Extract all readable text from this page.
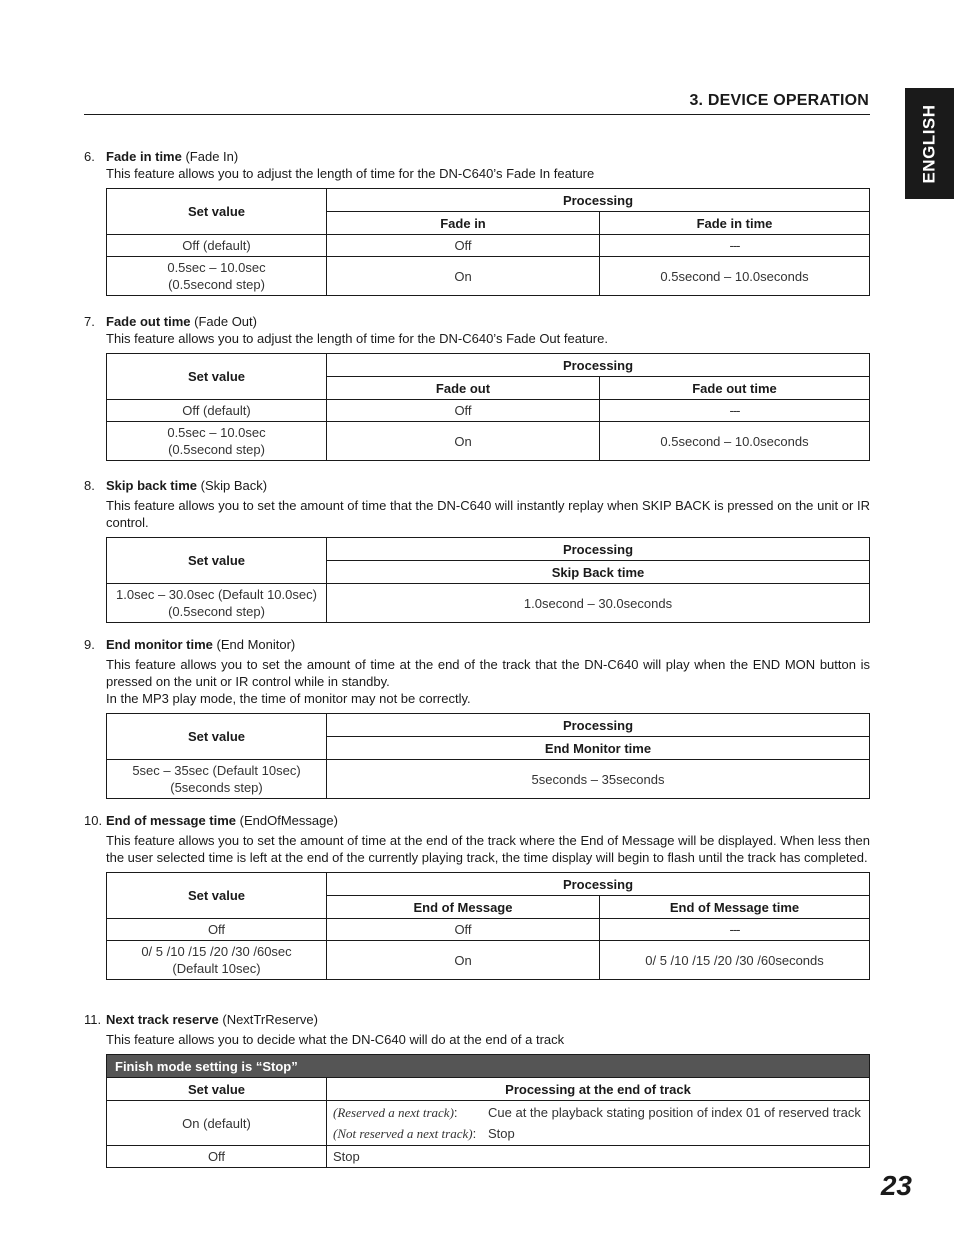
3. DEVICE OPERATION
ENGLISH
23
6. Fade in time (Fade In)
This feature allows you to adjust the length of time for the DN-C640’s Fade In feature
Set value	Processing	
	Fade in	Fade in time
Off (default)	Off	---

0.5sec – 10.0sec
(0.5second step)	On	0.5second – 10.0seconds
7. Fade out time (Fade Out)
This feature allows you to adjust the length of time for the DN-C640’s Fade Out feature.
Set value	Processing	
	Fade out	Fade out time
Off (default)	Off	---

0.5sec – 10.0sec
(0.5second step)	On	0.5second – 10.0seconds
8. Skip back time (Skip Back)
This feature allows you to set the amount of time that the DN-C640 will instantly replay when SKIP BACK is pressed on the unit or IR control.
Set value	Processing
	Skip Back time

1.0sec – 30.0sec (Default 10.0sec)
(0.5second step)	1.0second – 30.0seconds
9. End monitor time (End Monitor)
This feature allows you to set the amount of time at the end of the track that the DN-C640 will play when the END MON button is pressed on the unit or IR control while in standby.
In the MP3 play mode, the time of monitor may not be correctly.
Set value	Processing
	End Monitor time

5sec – 35sec (Default 10sec)
(5seconds step)	5seconds – 35seconds
10. End of message time (EndOfMessage)
This feature allows you to set the amount of time at the end of the track where the End of Message will be displayed. When less then the user selected time is left at the end of the currently playing track, the time display will begin to flash until the track has completed.
Set value	Processing	
	End of Message	End of Message time
Off	Off	---

0/ 5 /10 /15 /20 /30 /60sec
(Default 10sec)	On	0/ 5 /10 /15 /20 /30 /60seconds
11. Next track reserve (NextTrReserve)
This feature allows you to decide what the DN-C640 will do at the end of a track
Finish mode setting is “Stop”	
Set value	Processing at the end of track
On (default)	(Reserved a next track): Cue at the playback stating position of index 01 of reserved track
(Not reserved a next track): Stop

Off	Stop
